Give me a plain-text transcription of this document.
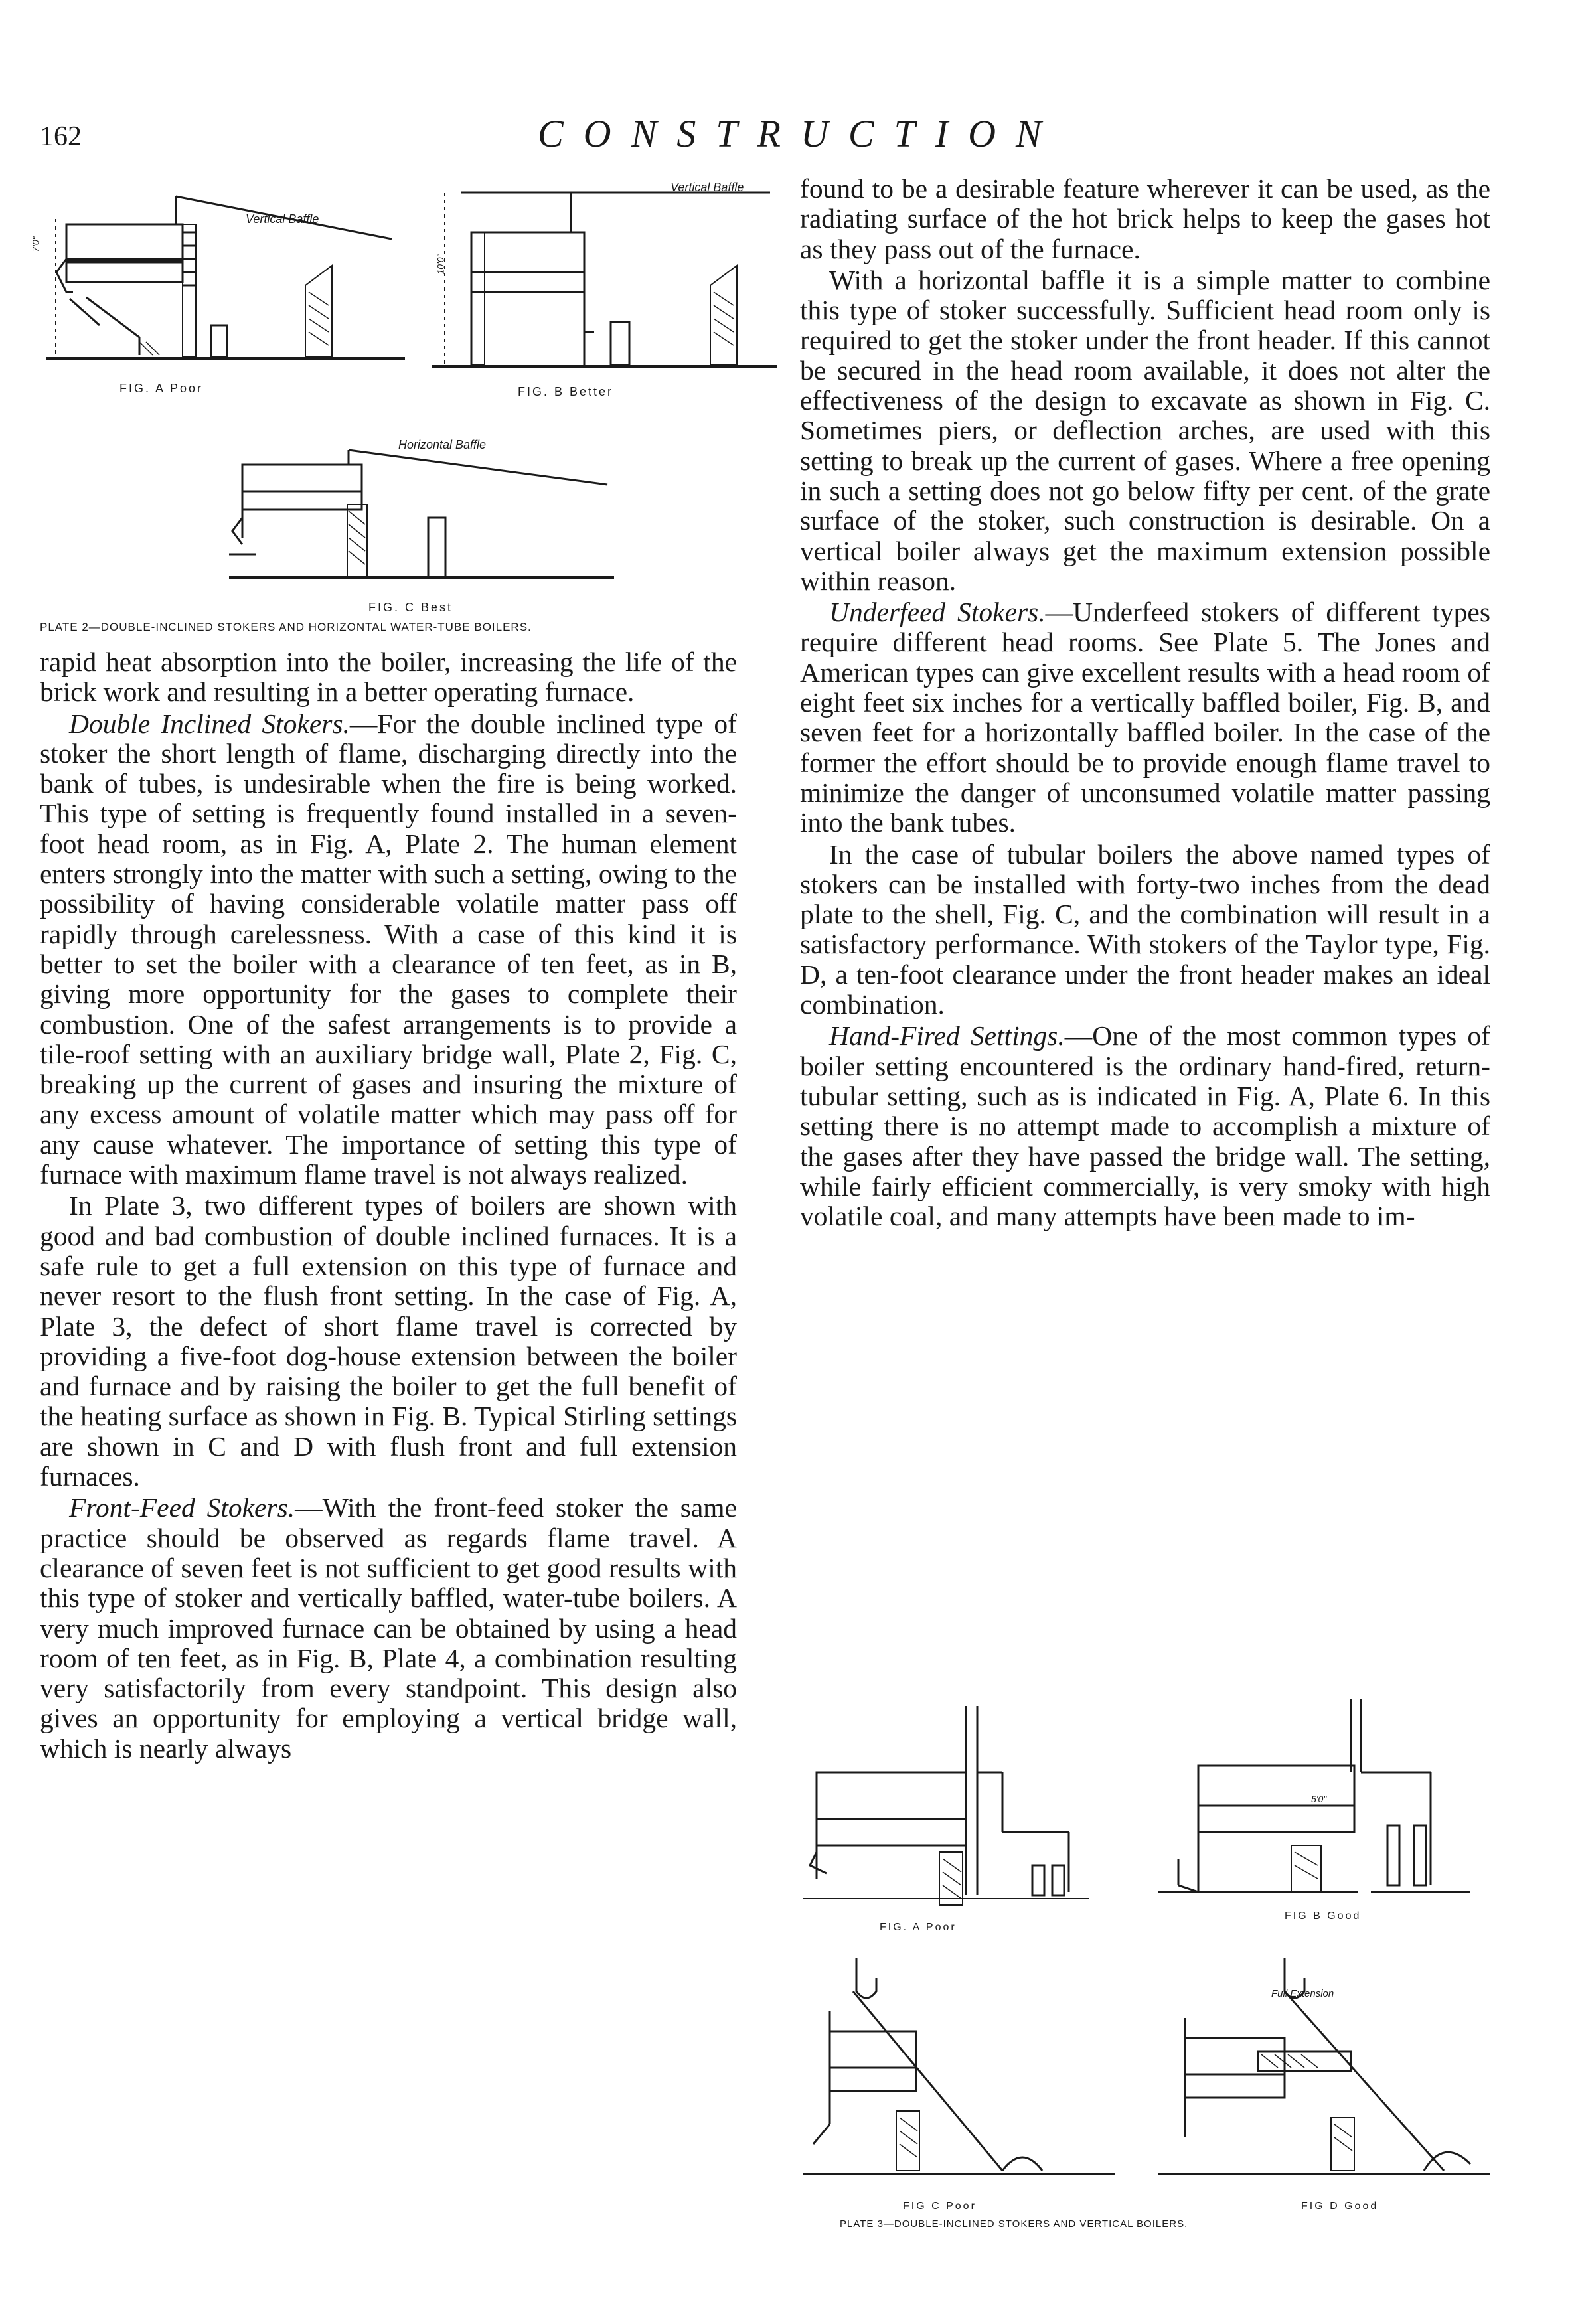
162	CONSTRUCTION
Vertical Baffle
7'0"
FIG. A Poor
Vertical Baffle
10'0"
FIG. B Better
Horizontal Baffle
FIG. C Best
PLATE 2—DOUBLE-INCLINED STOKERS AND HORIZONTAL WATER-TUBE BOILERS.

rapid heat absorption into the boiler, increasing the life of the brick work and resulting in a better operating furnace.

Double Inclined Stokers.—For the double inclined type of stoker the short length of flame, discharging directly into the bank of tubes, is undesirable when the fire is being worked. This type of setting is frequently found installed in a seven-foot head room, as in Fig. A, Plate 2. The human element enters strongly into the matter with such a setting, owing to the possibility of having considerable volatile matter pass off rapidly through carelessness. With a case of this kind it is better to set the boiler with a clearance of ten feet, as in B, giving more opportunity for the gases to complete their combustion. One of the safest arrangements is to provide a tile-roof setting with an auxiliary bridge wall, Plate 2, Fig. C, breaking up the current of gases and insuring the mixture of any excess amount of volatile matter which may pass off for any cause whatever. The importance of setting this type of furnace with maximum flame travel is not always realized.

In Plate 3, two different types of boilers are shown with good and bad combustion of double inclined furnaces. It is a safe rule to get a full extension on this type of furnace and never resort to the flush front setting. In the case of Fig. A, Plate 3, the defect of short flame travel is corrected by providing a five-foot dog-house extension between the boiler and furnace and by raising the boiler to get the full benefit of the heating surface as shown in Fig. B. Typical Stirling settings are shown in C and D with flush front and full extension furnaces.

Front-Feed Stokers.—With the front-feed stoker the same practice should be observed as regards flame travel. A clearance of seven feet is not sufficient to get good results with this type of stoker and vertically baffled, water-tube boilers. A very much improved furnace can be obtained by using a head room of ten feet, as in Fig. B, Plate 4, a combination resulting very satisfactorily from every standpoint. This design also gives an opportunity for employing a vertical bridge wall, which is nearly always

found to be a desirable feature wherever it can be used, as the radiating surface of the hot brick helps to keep the gases hot as they pass out of the furnace.

With a horizontal baffle it is a simple matter to combine this type of stoker successfully. Sufficient head room only is required to get the stoker under the front header. If this cannot be secured in the head room available, it does not alter the effectiveness of the design to excavate as shown in Fig. C. Sometimes piers, or deflection arches, are used with this setting to break up the current of gases. Where a free opening in such a setting does not go below fifty per cent. of the grate surface of the stoker, such construction is desirable. On a vertical boiler always get the maximum extension possible within reason.

Underfeed Stokers.—Underfeed stokers of different types require different head rooms. See Plate 5. The Jones and American types can give excellent results with a head room of eight feet six inches for a vertically baffled boiler, Fig. B, and seven feet for a horizontally baffled boiler. In the case of the former the effort should be to provide enough flame travel to minimize the danger of unconsumed volatile matter passing into the bank tubes.

In the case of tubular boilers the above named types of stokers can be installed with forty-two inches from the dead plate to the shell, Fig. C, and the combination will result in a satisfactory performance. With stokers of the Taylor type, Fig. D, a ten-foot clearance under the front header makes an ideal combination.

Hand-Fired Settings.—One of the most common types of boiler setting encountered is the ordinary hand-fired, return-tubular setting, such as is indicated in Fig. A, Plate 6. In this setting there is no attempt made to accomplish a mixture of the gases after they have passed the bridge wall. The setting, while fairly efficient commercially, is very smoky with high volatile coal, and many attempts have been made to im-

FIG. A Poor
5'0"
FIG B Good
FIG C Poor
Full Extension
FIG D Good
PLATE 3—DOUBLE-INCLINED STOKERS AND VERTICAL BOILERS.
